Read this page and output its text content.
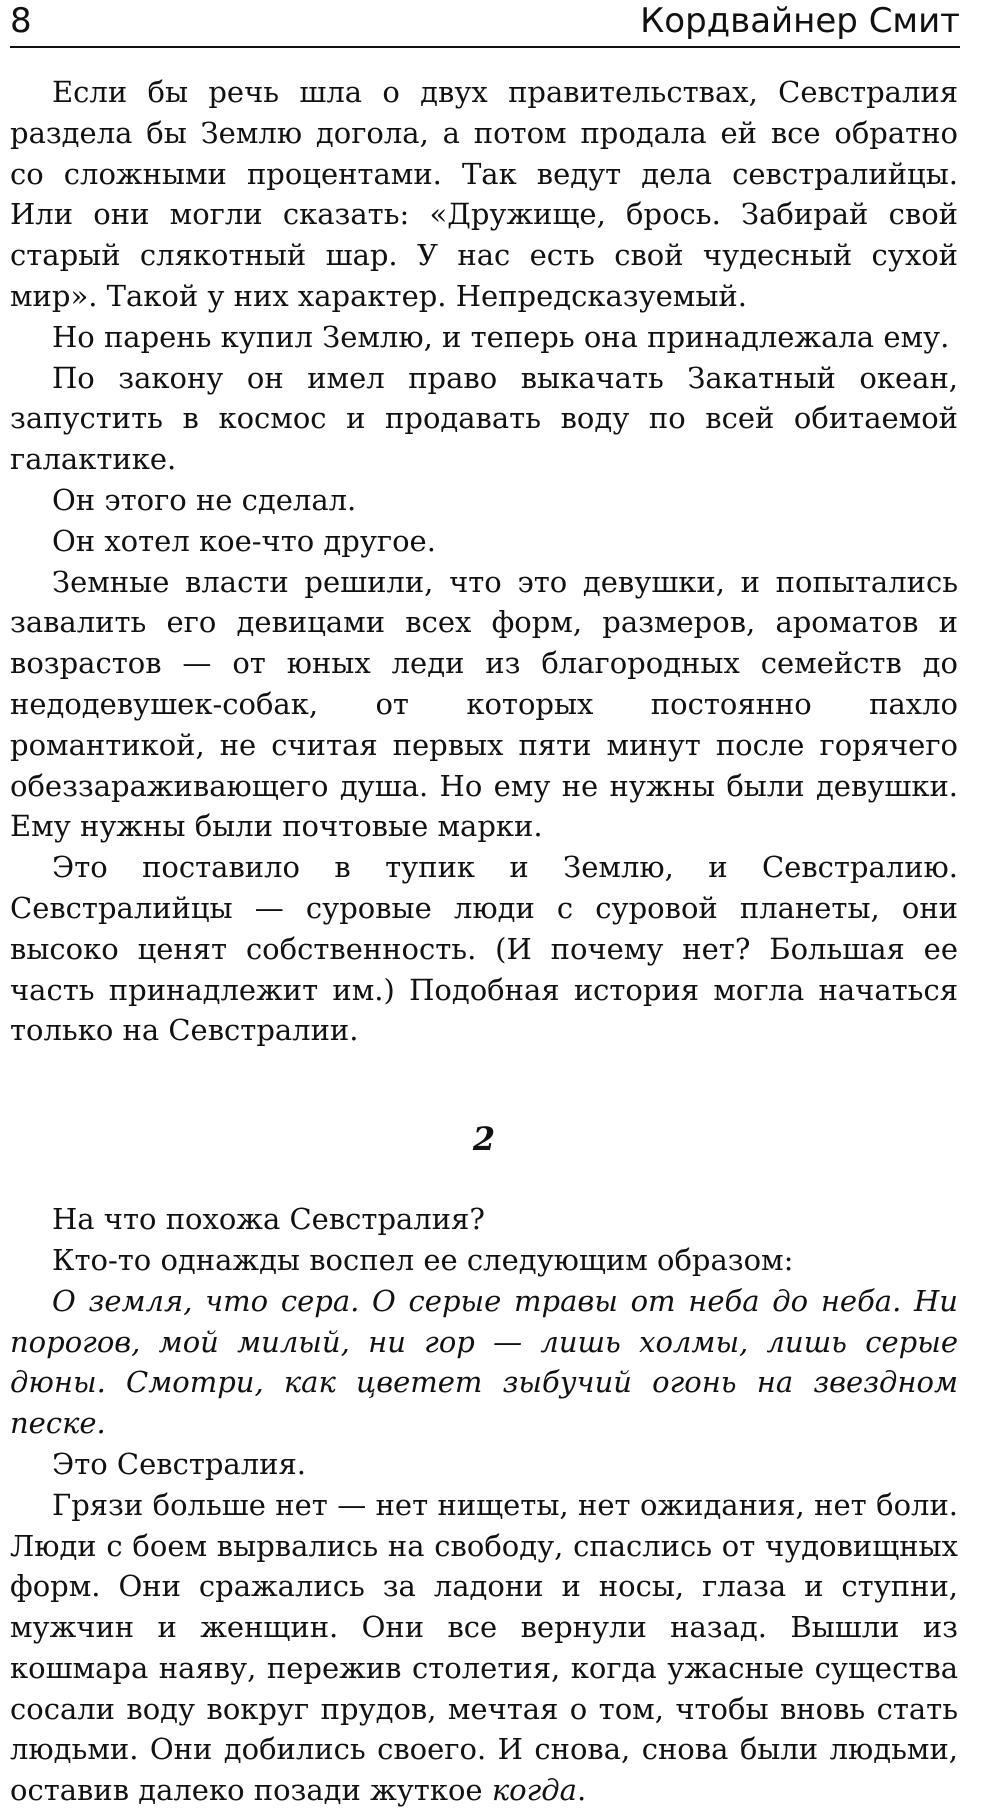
8	Кордвайнер Смит

Если бы речь шла о двух правительствах, Севстралия раздела бы Землю догола, а потом продала ей все обратно со сложными процентами. Так ведут дела севстралийцы. Или они могли сказать: «Дружище, брось. Забирай свой старый слякотный шар. У нас есть свой чудесный сухой мир». Такой у них характер. Непредсказуемый.

Но парень купил Землю, и теперь она принадлежала ему.

По закону он имел право выкачать Закатный океан, запустить в космос и продавать воду по всей обитаемой галактике.

Он этого не сделал.

Он хотел кое-что другое.

Земные власти решили, что это девушки, и попытались завалить его девицами всех форм, размеров, ароматов и возрастов — от юных леди из благородных семейств до недодевушек-собак, от которых постоянно пахло романтикой, не считая первых пяти минут после горячего обеззараживающего душа. Но ему не нужны были девушки. Ему нужны были почтовые марки.

Это поставило в тупик и Землю, и Севстралию. Севстралийцы — суровые люди с суровой планеты, они высоко ценят собственность. (И почему нет? Большая ее часть принадлежит им.) Подобная история могла начаться только на Севстралии.

2

На что похожа Севстралия?

Кто-то однажды воспел ее следующим образом:

О земля, что сера. О серые травы от неба до неба. Ни порогов, мой милый, ни гор — лишь холмы, лишь серые дюны. Смотри, как цветет зыбучий огонь на звездном песке.

Это Севстралия.

Грязи больше нет — нет нищеты, нет ожидания, нет боли. Люди с боем вырвались на свободу, спаслись от чудовищных форм. Они сражались за ладони и носы, глаза и ступни, мужчин и женщин. Они все вернули назад. Вышли из кошмара наяву, пережив столетия, когда ужасные существа сосали воду вокруг прудов, мечтая о том, чтобы вновь стать людьми. Они добились своего. И снова, снова были людьми, оставив далеко позади жуткое когда.
